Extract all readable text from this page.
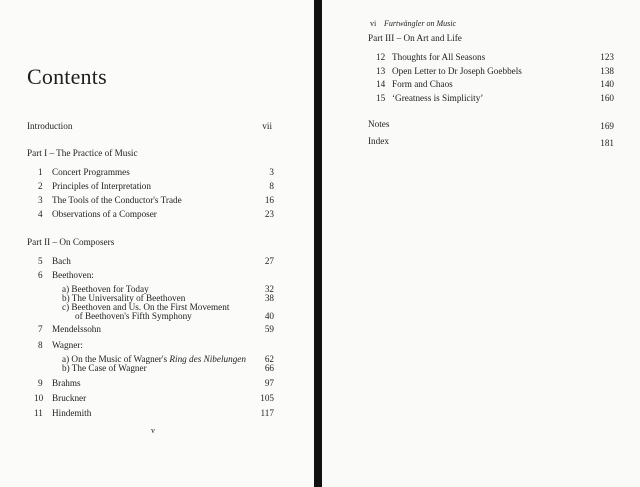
Contents
Introduction	vii
Part I – The Practice of Music
1 Concert Programmes	3
2 Principles of Interpretation	8
3 The Tools of the Conductor's Trade	16
4 Observations of a Composer	23
Part II – On Composers
5 Bach	27
6 Beethoven:
a) Beethoven for Today	32
b) The Universality of Beethoven	38
c) Beethoven and Us. On the First Movement
of Beethoven's Fifth Symphony	40
7 Mendelssohn	59
8 Wagner:
a) On the Music of Wagner's Ring des Nibelungen	62
b) The Case of Wagner	66
9 Brahms	97
10 Bruckner	105
11 Hindemith	117
v
vi Furtwängler on Music
Part III – On Art and Life
12 Thoughts for All Seasons	123
13 Open Letter to Dr Joseph Goebbels	138
14 Form and Chaos	140
15 ‘Greatness is Simplicity’	160
Notes	169
Index	181
